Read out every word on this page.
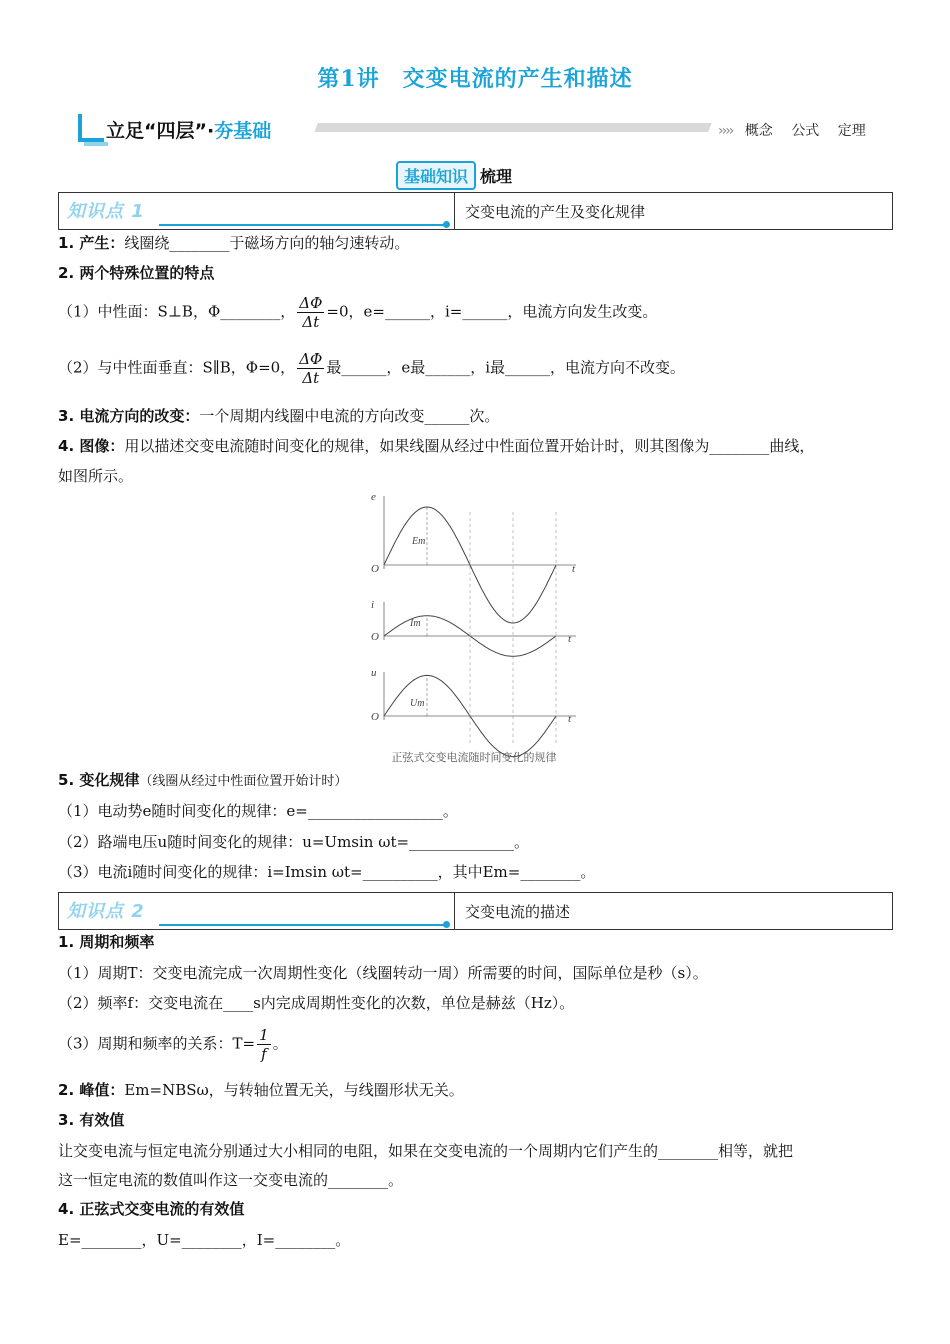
第1讲　交变电流的产生和描述
立足“四层”·夯基础	›››› 概念 公式 定理
基础知识 梳理
知识点 1	交变电流的产生及变化规律
1. 产生：线圈绕________于磁场方向的轴匀速转动。
2. 两个特殊位置的特点
（1）中性面：S⊥B，Φ________， $\frac{\Delta\Phi}{\Delta t} =0$，e=______，i=______，电流方向发生改变。
（2）与中性面垂直：S∥B，Φ=0， $\frac{\Delta\Phi}{\Delta t}$ 最______，e最______，i最______，电流方向不改变。
3. 电流方向的改变：一个周期内线圈中电流的方向改变______次。
4. 图像：用以描述交变电流随时间变化的规律，如果线圈从经过中性面位置开始计时，则其图像为________曲线，
如图所示。
e
O	t
i
O	t
u
O	t
Em
Im
Um
正弦式交变电流随时间变化的规律
5. 变化规律（线圈从经过中性面位置开始计时）
（1）电动势e随时间变化的规律：e=__________________。
（2）路端电压u随时间变化的规律：u=Umsin ωt=______________。
（3）电流i随时间变化的规律：i=Imsin ωt=__________，其中Em=________。
知识点 2	交变电流的描述
1. 周期和频率
（1）周期T：交变电流完成一次周期性变化（线圈转动一周）所需要的时间，国际单位是秒（s）。
（2）频率f：交变电流在____s内完成周期性变化的次数，单位是赫兹（Hz）。
（3）周期和频率的关系：$T= \frac{1}{f}$ 。
2. 峰值：Em=NBSω，与转轴位置无关，与线圈形状无关。
3. 有效值
让交变电流与恒定电流分别通过大小相同的电阻，如果在交变电流的一个周期内它们产生的________相等，就把
这一恒定电流的数值叫作这一交变电流的________。
4. 正弦式交变电流的有效值
E=________，U=________，I=________。
